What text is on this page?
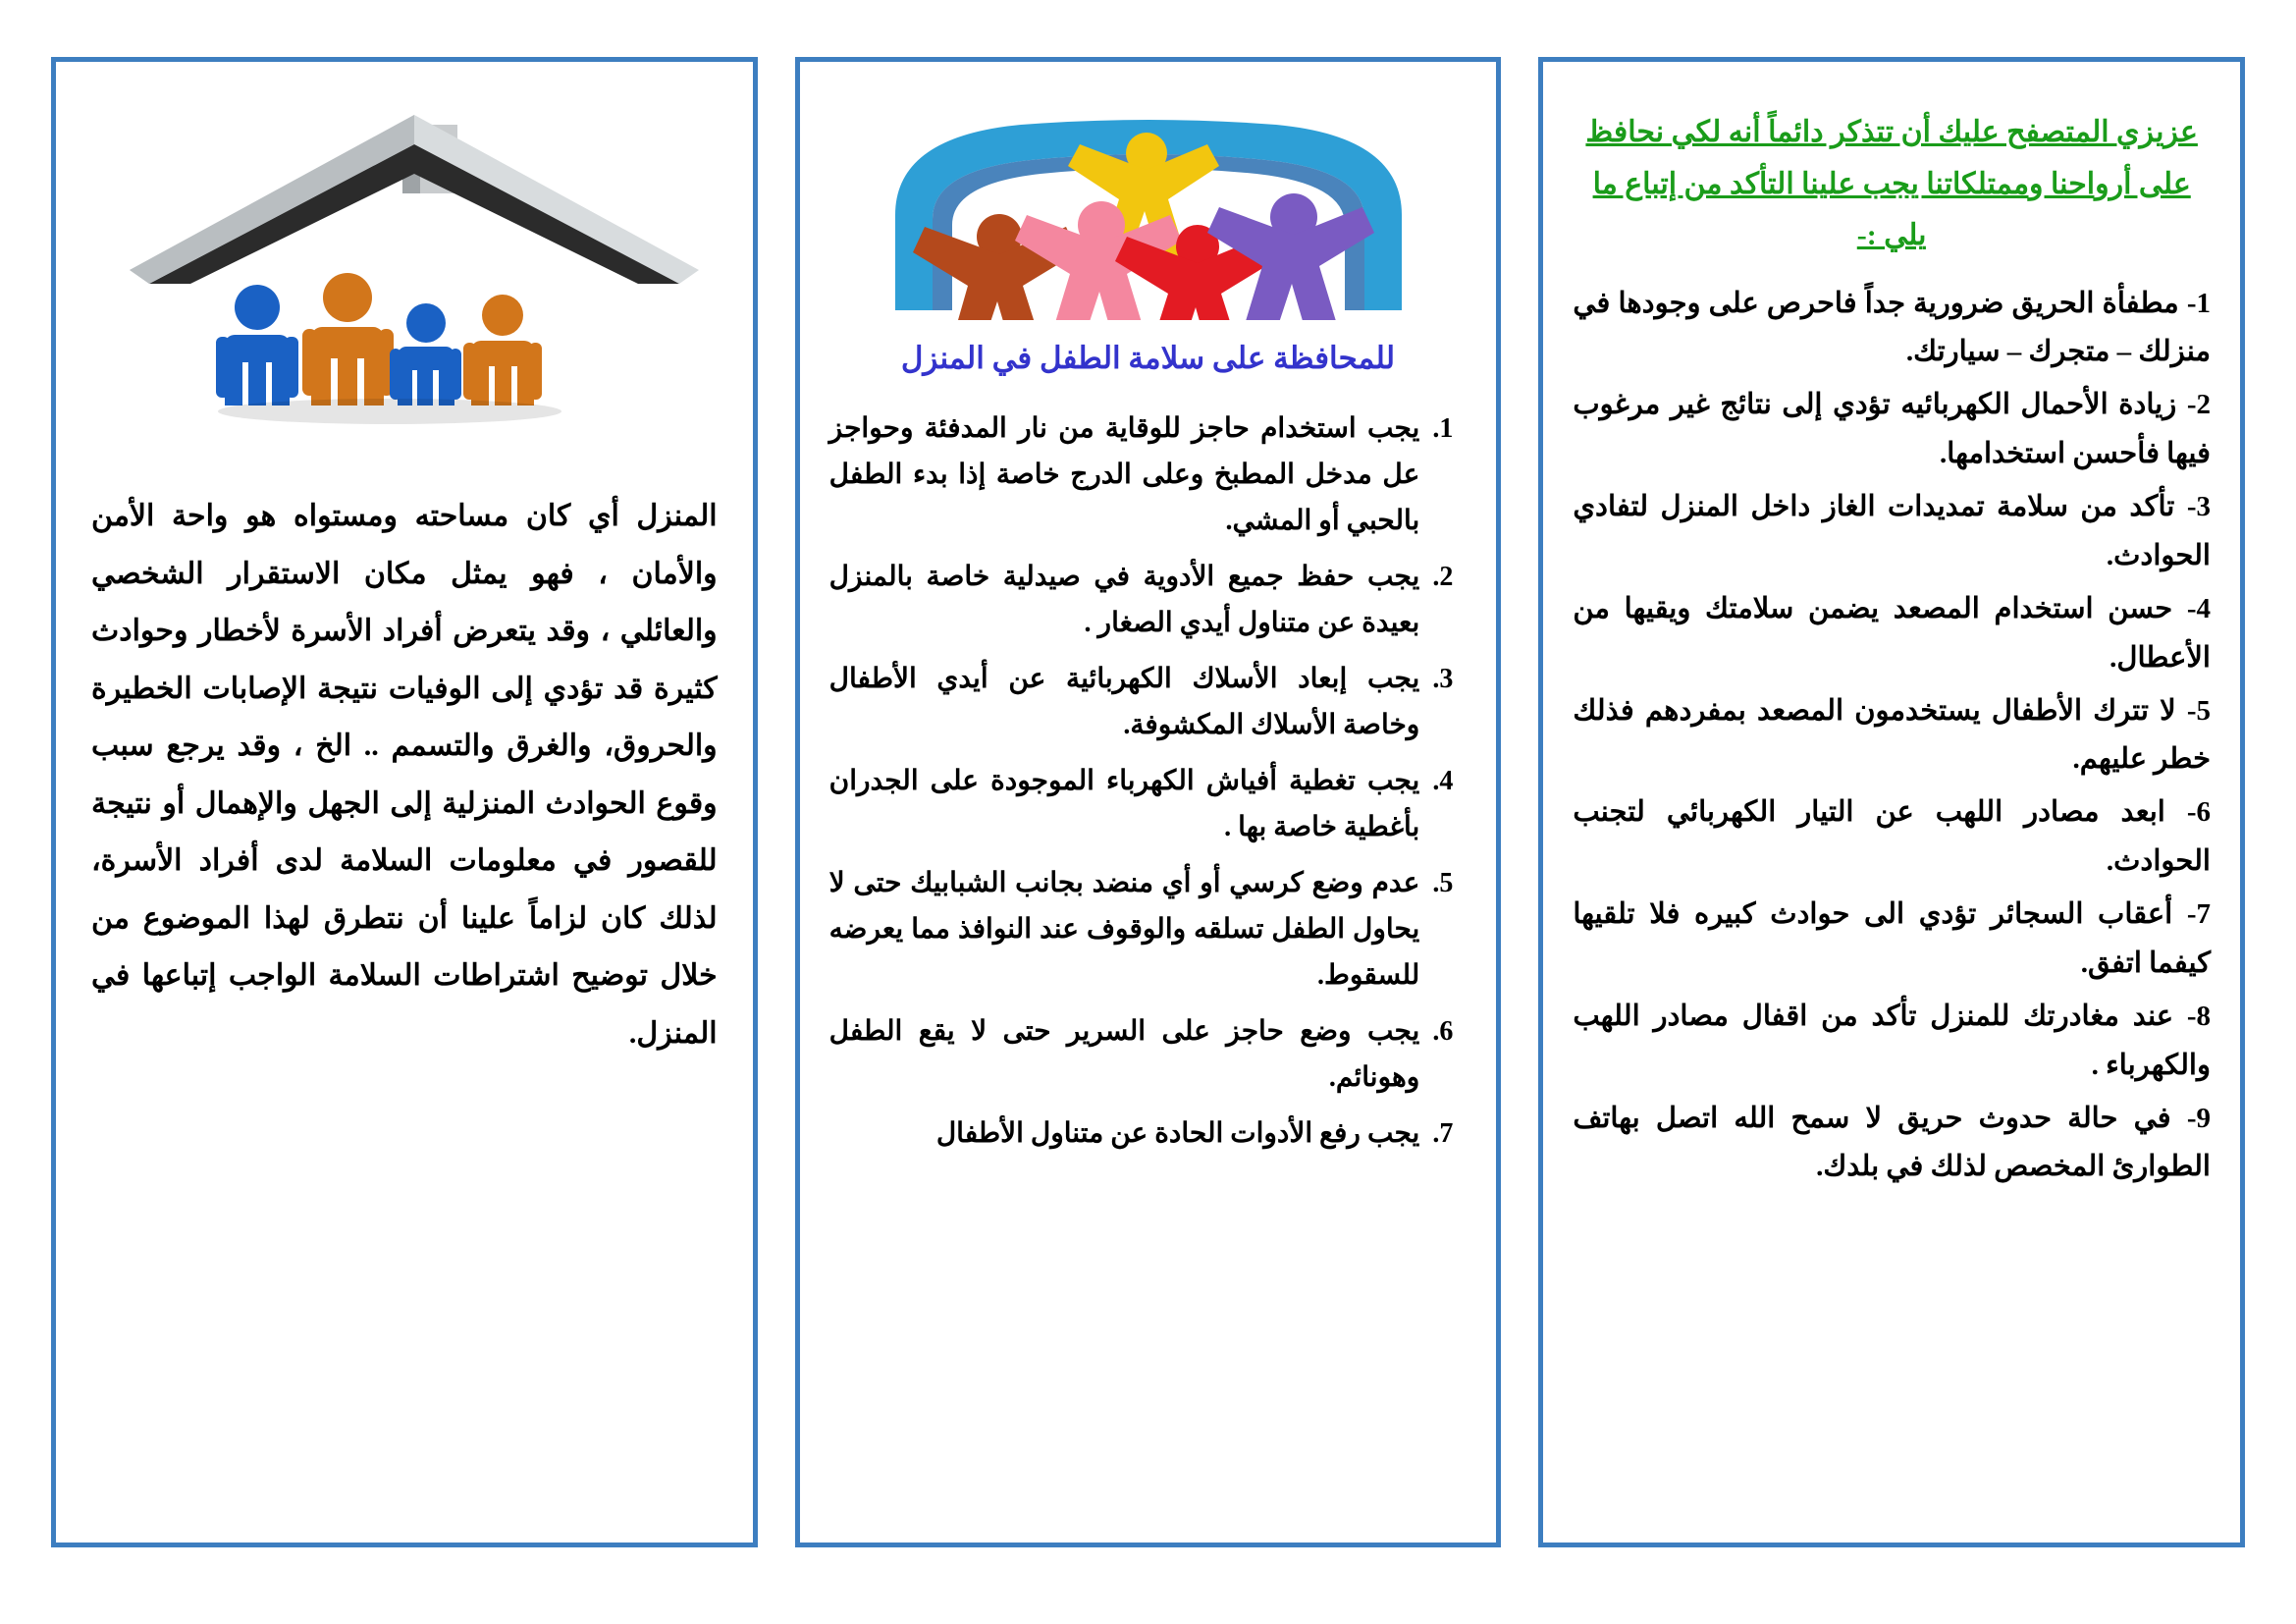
عزيزي المتصفح عليك أن تتذكر دائماً أنه لكي نحافظ على أرواحنا وممتلكاتنا يجب علينا التأكد من إتباع ما يلي :-

1- مطفأة الحريق ضرورية جداً فاحرص على وجودها في منزلك – متجرك – سيارتك.

2- زيادة الأحمال الكهربائيه تؤدي إلى نتائج غير مرغوب فيها فأحسن استخدامها.

3- تأكد من سلامة تمديدات الغاز داخل المنزل لتفادي الحوادث.

4- حسن استخدام المصعد يضمن سلامتك ويقيها من الأعطال.

5- لا تترك الأطفال يستخدمون المصعد بمفردهم فذلك خطر عليهم.

6- ابعد مصادر اللهب عن التيار الكهربائي لتجنب الحوادث.

7- أعقاب السجائر تؤدي الى حوادث كبيره فلا تلقيها كيفما اتفق.

8- عند مغادرتك للمنزل تأكد من اقفال مصادر اللهب والكهرباء .

9- في حالة حدوث حريق لا سمح الله اتصل بهاتف الطوارئ المخصص لذلك في بلدك.

للمحافظة على سلامة الطفل في المنزل
1. يجب استخدام حاجز للوقاية من نار المدفئة وحواجز عل مدخل المطبخ وعلى الدرج خاصة إذا بدء الطفل بالحبي أو المشي.
2. يجب حفظ جميع الأدوية في صيدلية خاصة بالمنزل بعيدة عن متناول أيدي الصغار .
3. يجب إبعاد الأسلاك الكهربائية عن أيدي الأطفال وخاصة الأسلاك المكشوفة.
4. يجب تغطية أفياش الكهرباء الموجودة على الجدران بأغطية خاصة بها .
5. عدم وضع كرسي أو أي منضد بجانب الشبابيك حتى لا يحاول الطفل تسلقه والوقوف عند النوافذ مما يعرضه للسقوط.
6. يجب وضع حاجز على السرير حتى لا يقع الطفل وهونائم.
7. يجب رفع الأدوات الحادة عن متناول الأطفال

المنزل أي كان مساحته ومستواه هو واحة الأمن والأمان ، فهو يمثل مكان الاستقرار الشخصي والعائلي ، وقد يتعرض أفراد الأسرة لأخطار وحوادث كثيرة قد تؤدي إلى الوفيات نتيجة الإصابات الخطيرة والحروق، والغرق والتسمم .. الخ ، وقد يرجع سبب وقوع الحوادث المنزلية إلى الجهل والإهمال أو نتيجة للقصور في معلومات السلامة لدى أفراد الأسرة، لذلك كان لزاماً علينا أن نتطرق لهذا الموضوع من خلال توضيح اشتراطات السلامة الواجب إتباعها في المنزل.
